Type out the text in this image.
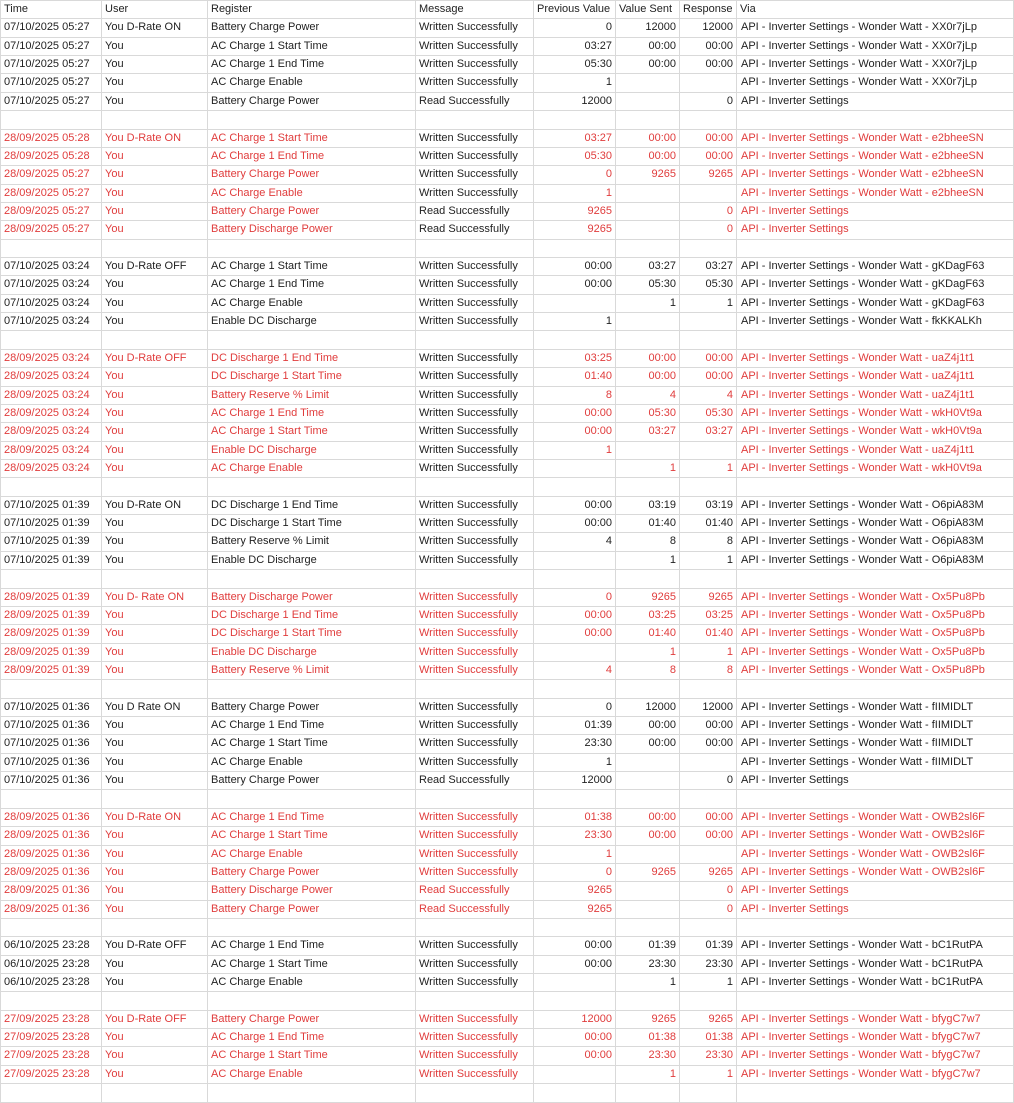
Time	User	Register	Message	Previous Value	Value Sent	Response	Via
07/10/2025 05:27	You D-Rate ON	Battery Charge Power	Written Successfully	0	12000	12000	API - Inverter Settings - Wonder Watt - XX0r7jLp
07/10/2025 05:27	You	AC Charge 1 Start Time	Written Successfully	03:27	00:00	00:00	API - Inverter Settings - Wonder Watt - XX0r7jLp
07/10/2025 05:27	You	AC Charge 1 End Time	Written Successfully	05:30	00:00	00:00	API - Inverter Settings - Wonder Watt - XX0r7jLp
07/10/2025 05:27	You	AC Charge Enable	Written Successfully	1			API - Inverter Settings - Wonder Watt - XX0r7jLp
07/10/2025 05:27	You	Battery Charge Power	Read Successfully	12000		0	API - Inverter Settings

28/09/2025 05:28	You D-Rate ON	AC Charge 1 Start Time	Written Successfully	03:27	00:00	00:00	API - Inverter Settings - Wonder Watt - e2bheeSN
28/09/2025 05:28	You	AC Charge 1 End Time	Written Successfully	05:30	00:00	00:00	API - Inverter Settings - Wonder Watt - e2bheeSN
28/09/2025 05:27	You	Battery Charge Power	Written Successfully	0	9265	9265	API - Inverter Settings - Wonder Watt - e2bheeSN
28/09/2025 05:27	You	AC Charge Enable	Written Successfully	1			API - Inverter Settings - Wonder Watt - e2bheeSN
28/09/2025 05:27	You	Battery Charge Power	Read Successfully	9265		0	API - Inverter Settings
28/09/2025 05:27	You	Battery Discharge Power	Read Successfully	9265		0	API - Inverter Settings

07/10/2025 03:24	You D-Rate OFF	AC Charge 1 Start Time	Written Successfully	00:00	03:27	03:27	API - Inverter Settings - Wonder Watt - gKDagF63
07/10/2025 03:24	You	AC Charge 1 End Time	Written Successfully	00:00	05:30	05:30	API - Inverter Settings - Wonder Watt - gKDagF63
07/10/2025 03:24	You	AC Charge Enable	Written Successfully		1	1	API - Inverter Settings - Wonder Watt - gKDagF63
07/10/2025 03:24	You	Enable DC Discharge	Written Successfully	1			API - Inverter Settings - Wonder Watt - fkKKALKh

28/09/2025 03:24	You D-Rate OFF	DC Discharge 1 End Time	Written Successfully	03:25	00:00	00:00	API - Inverter Settings - Wonder Watt - uaZ4j1t1
28/09/2025 03:24	You	DC Discharge 1 Start Time	Written Successfully	01:40	00:00	00:00	API - Inverter Settings - Wonder Watt - uaZ4j1t1
28/09/2025 03:24	You	Battery Reserve % Limit	Written Successfully	8	4	4	API - Inverter Settings - Wonder Watt - uaZ4j1t1
28/09/2025 03:24	You	AC Charge 1 End Time	Written Successfully	00:00	05:30	05:30	API - Inverter Settings - Wonder Watt - wkH0Vt9a
28/09/2025 03:24	You	AC Charge 1 Start Time	Written Successfully	00:00	03:27	03:27	API - Inverter Settings - Wonder Watt - wkH0Vt9a
28/09/2025 03:24	You	Enable DC Discharge	Written Successfully	1			API - Inverter Settings - Wonder Watt - uaZ4j1t1
28/09/2025 03:24	You	AC Charge Enable	Written Successfully		1	1	API - Inverter Settings - Wonder Watt - wkH0Vt9a

07/10/2025 01:39	You D-Rate ON	DC Discharge 1 End Time	Written Successfully	00:00	03:19	03:19	API - Inverter Settings - Wonder Watt - O6piA83M
07/10/2025 01:39	You	DC Discharge 1 Start Time	Written Successfully	00:00	01:40	01:40	API - Inverter Settings - Wonder Watt - O6piA83M
07/10/2025 01:39	You	Battery Reserve % Limit	Written Successfully	4	8	8	API - Inverter Settings - Wonder Watt - O6piA83M
07/10/2025 01:39	You	Enable DC Discharge	Written Successfully		1	1	API - Inverter Settings - Wonder Watt - O6piA83M

28/09/2025 01:39	You D- Rate ON	Battery Discharge Power	Written Successfully	0	9265	9265	API - Inverter Settings - Wonder Watt - Ox5Pu8Pb
28/09/2025 01:39	You	DC Discharge 1 End Time	Written Successfully	00:00	03:25	03:25	API - Inverter Settings - Wonder Watt - Ox5Pu8Pb
28/09/2025 01:39	You	DC Discharge 1 Start Time	Written Successfully	00:00	01:40	01:40	API - Inverter Settings - Wonder Watt - Ox5Pu8Pb
28/09/2025 01:39	You	Enable DC Discharge	Written Successfully		1	1	API - Inverter Settings - Wonder Watt - Ox5Pu8Pb
28/09/2025 01:39	You	Battery Reserve % Limit	Written Successfully	4	8	8	API - Inverter Settings - Wonder Watt - Ox5Pu8Pb

07/10/2025 01:36	You D Rate ON	Battery Charge Power	Written Successfully	0	12000	12000	API - Inverter Settings - Wonder Watt - fIIMIDLT
07/10/2025 01:36	You	AC Charge 1 End Time	Written Successfully	01:39	00:00	00:00	API - Inverter Settings - Wonder Watt - fIIMIDLT
07/10/2025 01:36	You	AC Charge 1 Start Time	Written Successfully	23:30	00:00	00:00	API - Inverter Settings - Wonder Watt - fIIMIDLT
07/10/2025 01:36	You	AC Charge Enable	Written Successfully	1			API - Inverter Settings - Wonder Watt - fIIMIDLT
07/10/2025 01:36	You	Battery Charge Power	Read Successfully	12000		0	API - Inverter Settings

28/09/2025 01:36	You D-Rate ON	AC Charge 1 End Time	Written Successfully	01:38	00:00	00:00	API - Inverter Settings - Wonder Watt - OWB2sl6F
28/09/2025 01:36	You	AC Charge 1 Start Time	Written Successfully	23:30	00:00	00:00	API - Inverter Settings - Wonder Watt - OWB2sl6F
28/09/2025 01:36	You	AC Charge Enable	Written Successfully	1			API - Inverter Settings - Wonder Watt - OWB2sl6F
28/09/2025 01:36	You	Battery Charge Power	Written Successfully	0	9265	9265	API - Inverter Settings - Wonder Watt - OWB2sl6F
28/09/2025 01:36	You	Battery Discharge Power	Read Successfully	9265		0	API - Inverter Settings
28/09/2025 01:36	You	Battery Charge Power	Read Successfully	9265		0	API - Inverter Settings

06/10/2025 23:28	You D-Rate OFF	AC Charge 1 End Time	Written Successfully	00:00	01:39	01:39	API - Inverter Settings - Wonder Watt - bC1RutPA
06/10/2025 23:28	You	AC Charge 1 Start Time	Written Successfully	00:00	23:30	23:30	API - Inverter Settings - Wonder Watt - bC1RutPA
06/10/2025 23:28	You	AC Charge Enable	Written Successfully		1	1	API - Inverter Settings - Wonder Watt - bC1RutPA

27/09/2025 23:28	You D-Rate OFF	Battery Charge Power	Written Successfully	12000	9265	9265	API - Inverter Settings - Wonder Watt - bfygC7w7
27/09/2025 23:28	You	AC Charge 1 End Time	Written Successfully	00:00	01:38	01:38	API - Inverter Settings - Wonder Watt - bfygC7w7
27/09/2025 23:28	You	AC Charge 1 Start Time	Written Successfully	00:00	23:30	23:30	API - Inverter Settings - Wonder Watt - bfygC7w7
27/09/2025 23:28	You	AC Charge Enable	Written Successfully		1	1	API - Inverter Settings - Wonder Watt - bfygC7w7
